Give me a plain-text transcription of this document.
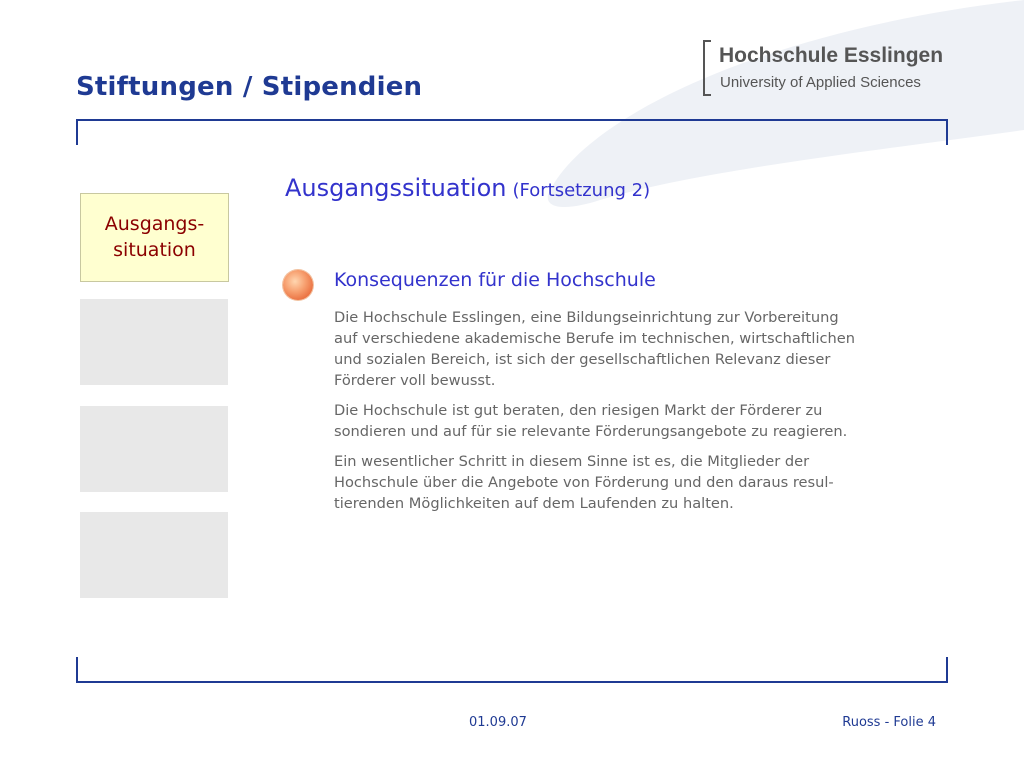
Stiftungen / Stipendien
Hochschule Esslingen
University of Applied Sciences
Ausgangs-
situation
Ausgangssituation (Fortsetzung 2)
Konsequenzen für die Hochschule

Die Hochschule Esslingen, eine Bildungseinrichtung zur Vorbereitung
auf verschiedene akademische Berufe im technischen, wirtschaftlichen
und sozialen Bereich, ist sich der gesellschaftlichen Relevanz dieser
Förderer voll bewusst.

Die Hochschule ist gut beraten, den riesigen Markt der Förderer zu
sondieren und auf für sie relevante Förderungsangebote zu reagieren.

Ein wesentlicher Schritt in diesem Sinne ist es, die Mitglieder der
Hochschule über die Angebote von Förderung und den daraus resul-
tierenden Möglichkeiten auf dem Laufenden zu halten.

01.09.07	Ruoss - Folie 4
